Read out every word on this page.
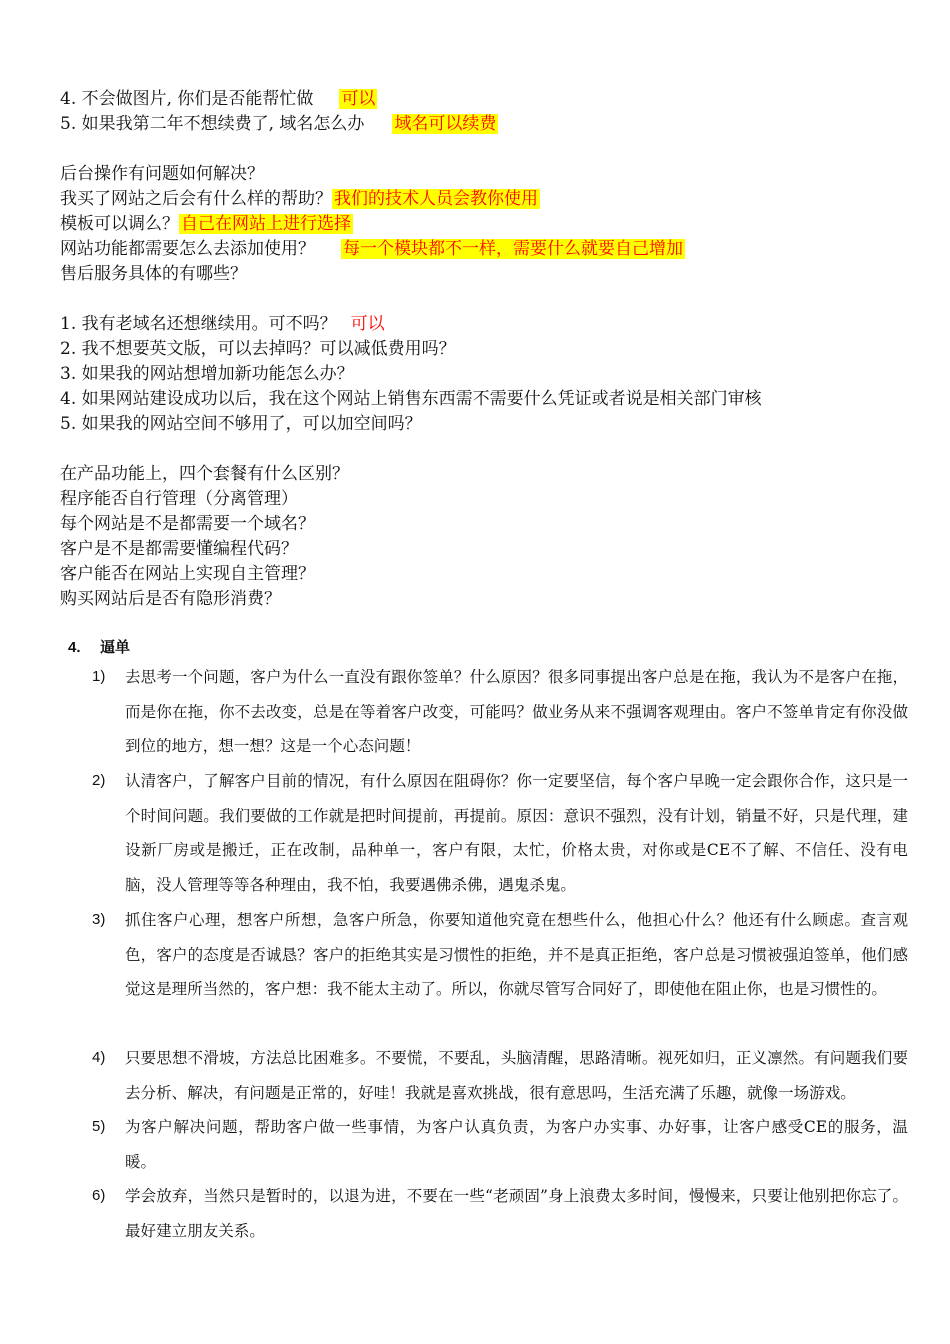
4. 不会做图片, 你们是否能帮忙做 可以
5. 如果我第二年不想续费了, 域名怎么办 域名可以续费
后台操作有问题如何解决？
我买了网站之后会有什么样的帮助？ 我们的技术人员会教你使用
模板可以调么？ 自己在网站上进行选择
网站功能都需要怎么去添加使用？ 每一个模块都不一样，需要什么就要自己增加
售后服务具体的有哪些？
1. 我有老域名还想继续用。可不吗？ 可以
2. 我不想要英文版，可以去掉吗？可以减低费用吗？
3. 如果我的网站想增加新功能怎么办？
4. 如果网站建设成功以后，我在这个网站上销售东西需不需要什么凭证或者说是相关部门审核
5. 如果我的网站空间不够用了，可以加空间吗？
在产品功能上，四个套餐有什么区别？
程序能否自行管理（分离管理）
每个网站是不是都需要一个域名？
客户是不是都需要懂编程代码？
客户能否在网站上实现自主管理？
购买网站后是否有隐形消费？
4. 逼单
1) 去思考一个问题，客户为什么一直没有跟你签单？什么原因？很多同事提出客户总是在拖，我认为不是客户在拖，而是你在拖，你不去改变，总是在等着客户改变，可能吗？做业务从来不强调客观理由。客户不签单肯定有你没做到位的地方，想一想？这是一个心态问题！
2) 认清客户，了解客户目前的情况，有什么原因在阻碍你？你一定要坚信，每个客户早晚一定会跟你合作，这只是一个时间问题。我们要做的工作就是把时间提前，再提前。原因：意识不强烈，没有计划，销量不好，只是代理，建设新厂房或是搬迁，正在改制，品种单一，客户有限，太忙，价格太贵，对你或是CE不了解、不信任、没有电脑，没人管理等等各种理由，我不怕，我要遇佛杀佛，遇鬼杀鬼。
3) 抓住客户心理，想客户所想，急客户所急，你要知道他究竟在想些什么，他担心什么？他还有什么顾虑。查言观色，客户的态度是否诚恳？客户的拒绝其实是习惯性的拒绝，并不是真正拒绝，客户总是习惯被强迫签单，他们感觉这是理所当然的，客户想：我不能太主动了。所以，你就尽管写合同好了，即使他在阻止你，也是习惯性的。
4) 只要思想不滑坡，方法总比困难多。不要慌，不要乱，头脑清醒，思路清晰。视死如归，正义凛然。有问题我们要去分析、解决，有问题是正常的，好哇！我就是喜欢挑战，很有意思吗，生活充满了乐趣，就像一场游戏。
5) 为客户解决问题，帮助客户做一些事情，为客户认真负责，为客户办实事、办好事，让客户感受CE的服务，温暖。
6) 学会放弃，当然只是暂时的，以退为进，不要在一些“老顽固”身上浪费太多时间，慢慢来，只要让他别把你忘了。最好建立朋友关系。
